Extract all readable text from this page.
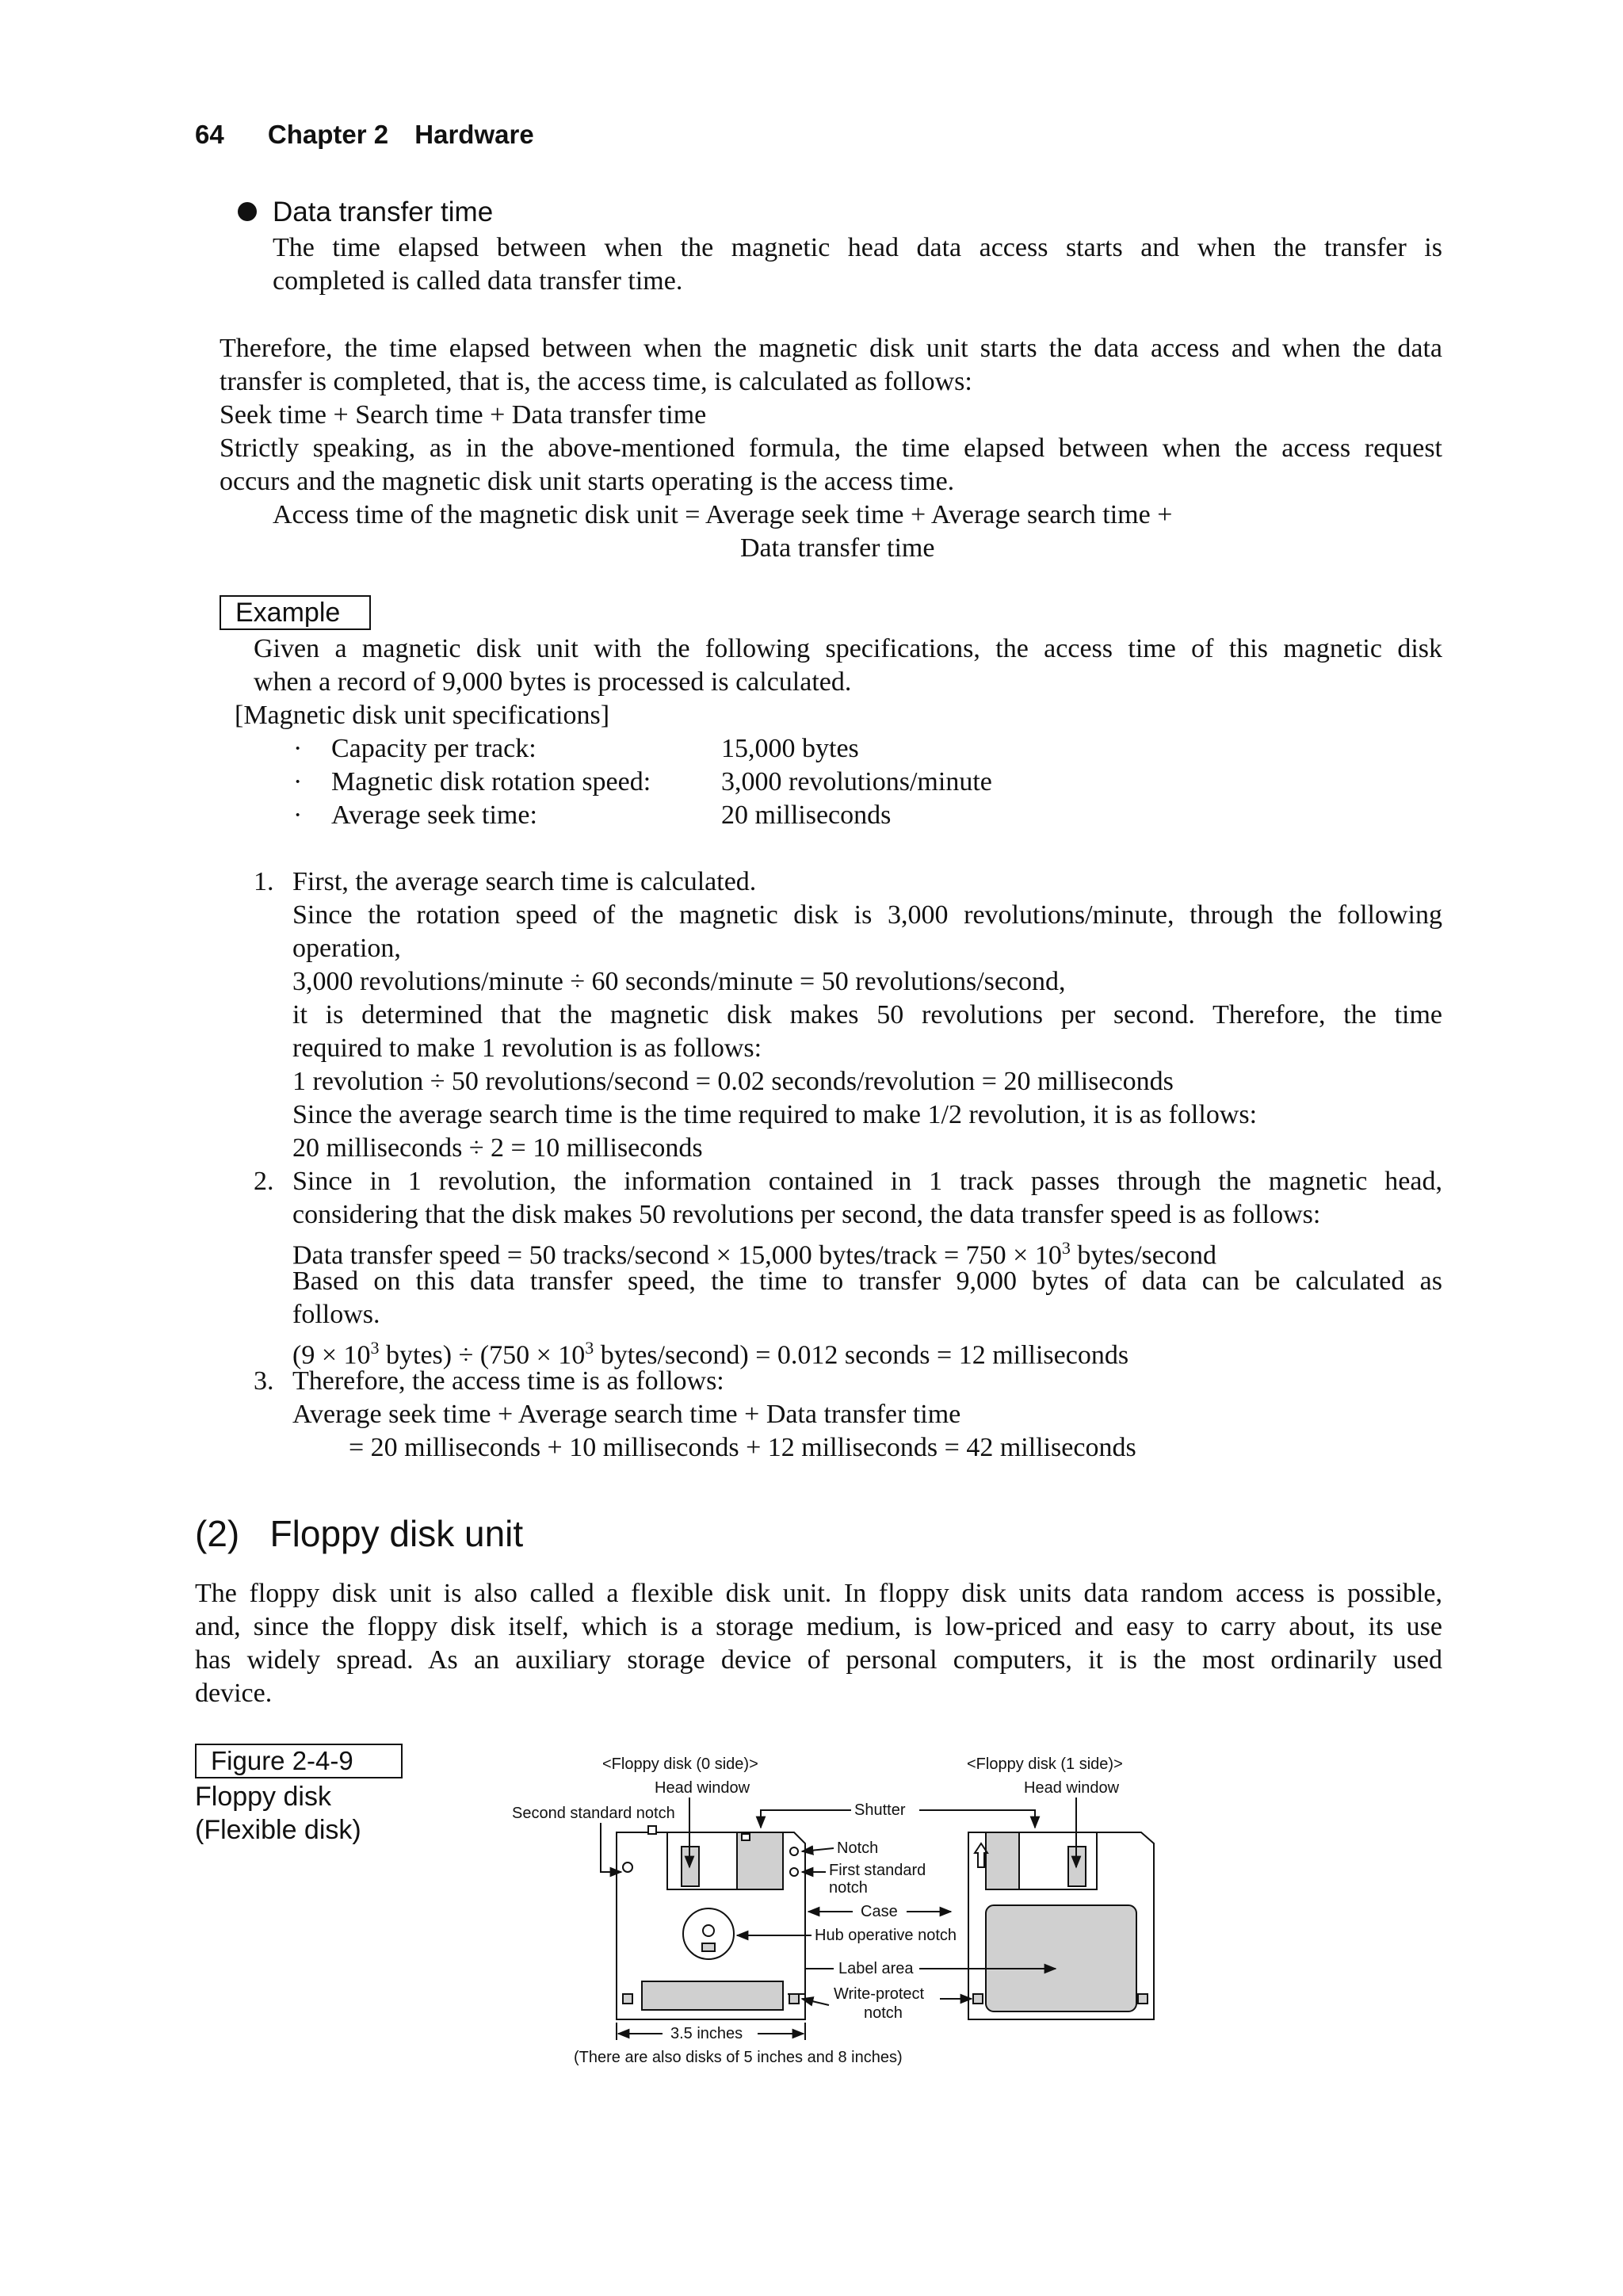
64 Chapter 2 Hardware
Data transfer time
The time elapsed between when the magnetic head data access starts and when the transfer is
completed is called data transfer time.
Therefore, the time elapsed between when the magnetic disk unit starts the data access and when the data
transfer is completed, that is, the access time, is calculated as follows:
Seek time + Search time + Data transfer time
Strictly speaking, as in the above-mentioned formula, the time elapsed between when the access request
occurs and the magnetic disk unit starts operating is the access time.
Access time of the magnetic disk unit = Average seek time + Average search time +
Data transfer time
Example
Given a magnetic disk unit with the following specifications, the access time of this magnetic disk
when a record of 9,000 bytes is processed is calculated.
[Magnetic disk unit specifications]
· Capacity per track:	15,000 bytes
· Magnetic disk rotation speed:	3,000 revolutions/minute
· Average seek time:	20 milliseconds
1. First, the average search time is calculated.
Since the rotation speed of the magnetic disk is 3,000 revolutions/minute, through the following
operation,
3,000 revolutions/minute ÷ 60 seconds/minute = 50 revolutions/second,
it is determined that the magnetic disk makes 50 revolutions per second. Therefore, the time
required to make 1 revolution is as follows:
1 revolution ÷ 50 revolutions/second = 0.02 seconds/revolution = 20 milliseconds
Since the average search time is the time required to make 1/2 revolution, it is as follows:
20 milliseconds ÷ 2 = 10 milliseconds
2. Since in 1 revolution, the information contained in 1 track passes through the magnetic head,
considering that the disk makes 50 revolutions per second, the data transfer speed is as follows:
Data transfer speed = 50 tracks/second × 15,000 bytes/track = $750 \times 10^3$ bytes/second
Based on this data transfer speed, the time to transfer 9,000 bytes of data can be calculated as
follows.
($9 \times 10^3$ bytes) ÷ ($750 \times 10^3$ bytes/second) = 0.012 seconds = 12 milliseconds
3. Therefore, the access time is as follows:
Average seek time + Average search time + Data transfer time
= 20 milliseconds + 10 milliseconds + 12 milliseconds = 42 milliseconds
(2)   Floppy disk unit
The floppy disk unit is also called a flexible disk unit. In floppy disk units data random access is possible,
and, since the floppy disk itself, which is a storage medium, is low-priced and easy to carry about, its use
has widely spread. As an auxiliary storage device of personal computers, it is the most ordinarily used
device.
Figure 2-4-9
Floppy disk
(Flexible disk)
<Floppy disk (0 side)>	<Floppy disk (1 side)>
Head window
Second standard notch	Shutter
Head window
Notch
First standard
notch
Case
Hub operative notch
Label area
Write-protect
notch
3.5 inches
(There are also disks of 5 inches and 8 inches)
